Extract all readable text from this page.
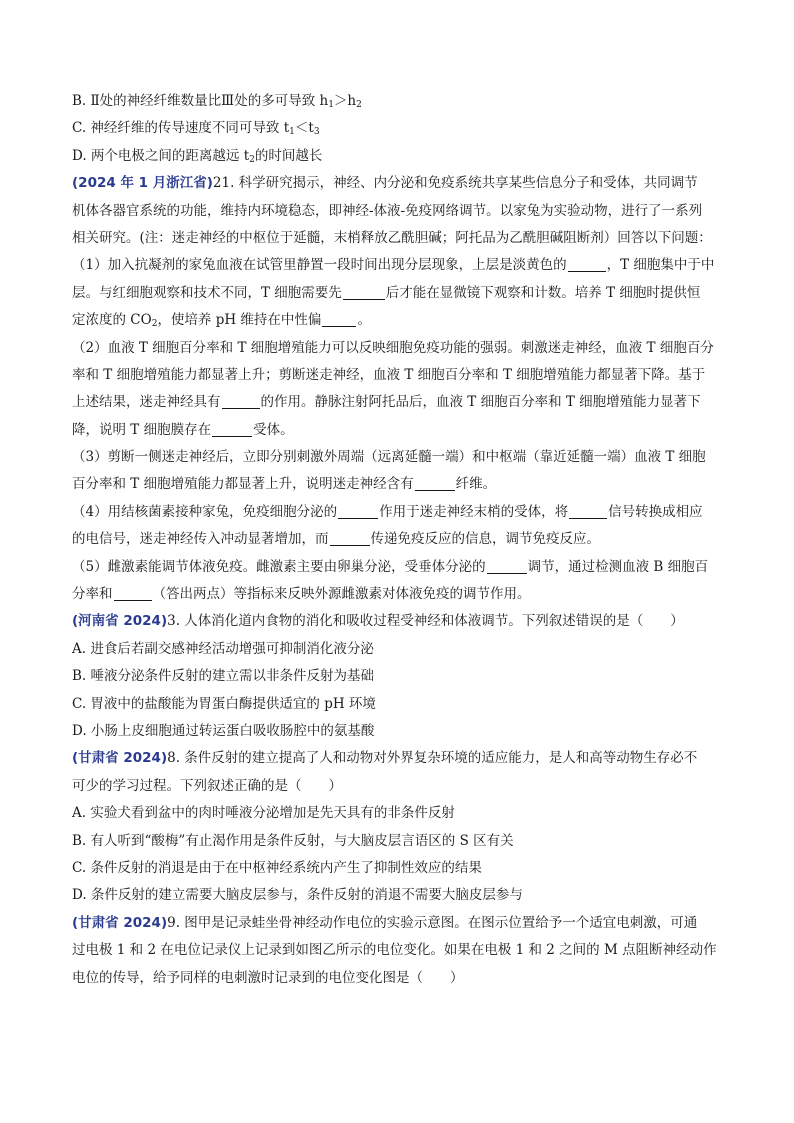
B. Ⅱ处的神经纤维数量比Ⅲ处的多可导致 $h_1>h_2$
C. 神经纤维的传导速度不同可导致 $t_1<t_3$
D. 两个电极之间的距离越远 $t_2$的时间越长
(2024 年 1 月浙江省)21. 科学研究揭示，神经、内分泌和免疫系统共享某些信息分子和受体，共同调节
机体各器官系统的功能，维持内环境稳态，即神经-体液-免疫网络调节。以家兔为实验动物，进行了一系列
相关研究。(注：迷走神经的中枢位于延髓，末梢释放乙酰胆碱；阿托品为乙酰胆碱阻断剂）回答以下问题：
（1）加入抗凝剂的家兔血液在试管里静置一段时间出现分层现象，上层是淡黄色的	，T 细胞集中于中
层。与红细胞观察和技术不同，T 细胞需要先	后才能在显微镜下观察和计数。培养 T 细胞时提供恒
定浓度的 $CO_2$，使培养 pH 维持在中性偏	。
（2）血液 T 细胞百分率和 T 细胞增殖能力可以反映细胞免疫功能的强弱。刺激迷走神经，血液 T 细胞百分
率和 T 细胞增殖能力都显著上升；剪断迷走神经，血液 T 细胞百分率和 T 细胞增殖能力都显著下降。基于
上述结果，迷走神经具有	的作用。静脉注射阿托品后，血液 T 细胞百分率和 T 细胞增殖能力显著下
降，说明 T 细胞膜存在	受体。
（3）剪断一侧迷走神经后，立即分别刺激外周端（远离延髓一端）和中枢端（靠近延髓一端）血液 T 细胞
百分率和 T 细胞增殖能力都显著上升，说明迷走神经含有	纤维。
（4）用结核菌素接种家兔，免疫细胞分泌的	作用于迷走神经末梢的受体，将	信号转换成相应
的电信号，迷走神经传入冲动显著增加，而	传递免疫反应的信息，调节免疫反应。
（5）雌激素能调节体液免疫。雌激素主要由卵巢分泌，受垂体分泌的	调节，通过检测血液 B 细胞百
分率和	（答出两点）等指标来反映外源雌激素对体液免疫的调节作用。
(河南省 2024)3. 人体消化道内食物的消化和吸收过程受神经和体液调节。下列叙述错误的是（　　）
A. 进食后若副交感神经活动增强可抑制消化液分泌
B. 唾液分泌条件反射的建立需以非条件反射为基础
C. 胃液中的盐酸能为胃蛋白酶提供适宜的 pH 环境
D. 小肠上皮细胞通过转运蛋白吸收肠腔中的氨基酸
(甘肃省 2024)8. 条件反射的建立提高了人和动物对外界复杂环境的适应能力，是人和高等动物生存必不
可少的学习过程。下列叙述正确的是（　　）
A. 实验犬看到盆中的肉时唾液分泌增加是先天具有的非条件反射
B. 有人听到“酸梅”有止渴作用是条件反射，与大脑皮层言语区的 S 区有关
C. 条件反射的消退是由于在中枢神经系统内产生了抑制性效应的结果
D. 条件反射的建立需要大脑皮层参与，条件反射的消退不需要大脑皮层参与
(甘肃省 2024)9. 图甲是记录蛙坐骨神经动作电位的实验示意图。在图示位置给予一个适宜电刺激，可通
过电极 1 和 2 在电位记录仪上记录到如图乙所示的电位变化。如果在电极 1 和 2 之间的 M 点阻断神经动作
电位的传导，给予同样的电刺激时记录到的电位变化图是（　　）
